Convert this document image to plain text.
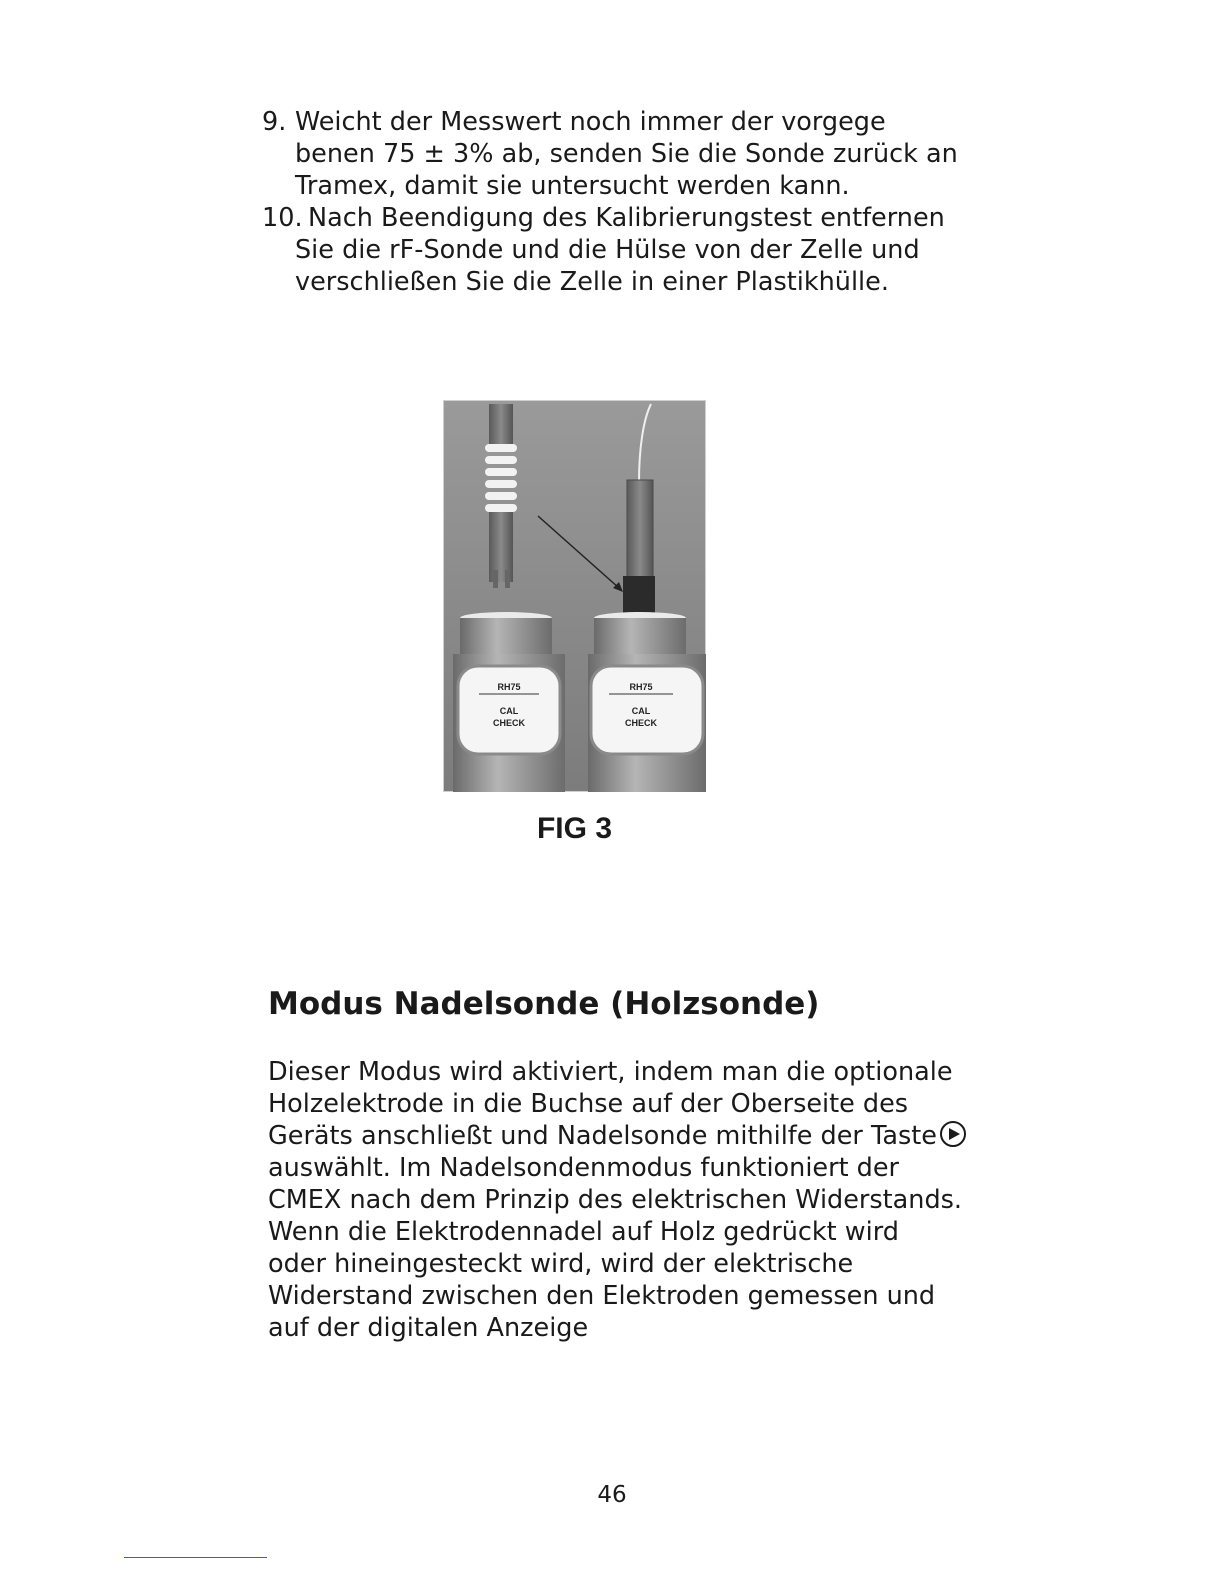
9. Weicht der Messwert noch immer der vorgege
benen 75 ± 3% ab, senden Sie die Sonde zurück an
Tramex, damit sie untersucht werden kann.
10. Nach Beendigung des Kalibrierungstest entfernen
Sie die rF-Sonde und die Hülse von der Zelle und
verschließen Sie die Zelle in einer Plastikhülle.
RH75
CAL
CHECK
RH75
CAL
CHECK
FIG 3
Modus Nadelsonde (Holzsonde)

Dieser Modus wird aktiviert, indem man die optionale
Holzelektrode in die Buchse auf der Oberseite des
Geräts anschließt und Nadelsonde mithilfe der Taste
auswählt. Im Nadelsondenmodus funktioniert der
CMEX nach dem Prinzip des elektrischen Widerstands.
Wenn die Elektrodennadel auf Holz gedrückt wird
oder hineingesteckt wird, wird der elektrische
Widerstand zwischen den Elektroden gemessen und
auf der digitalen Anzeige

46
